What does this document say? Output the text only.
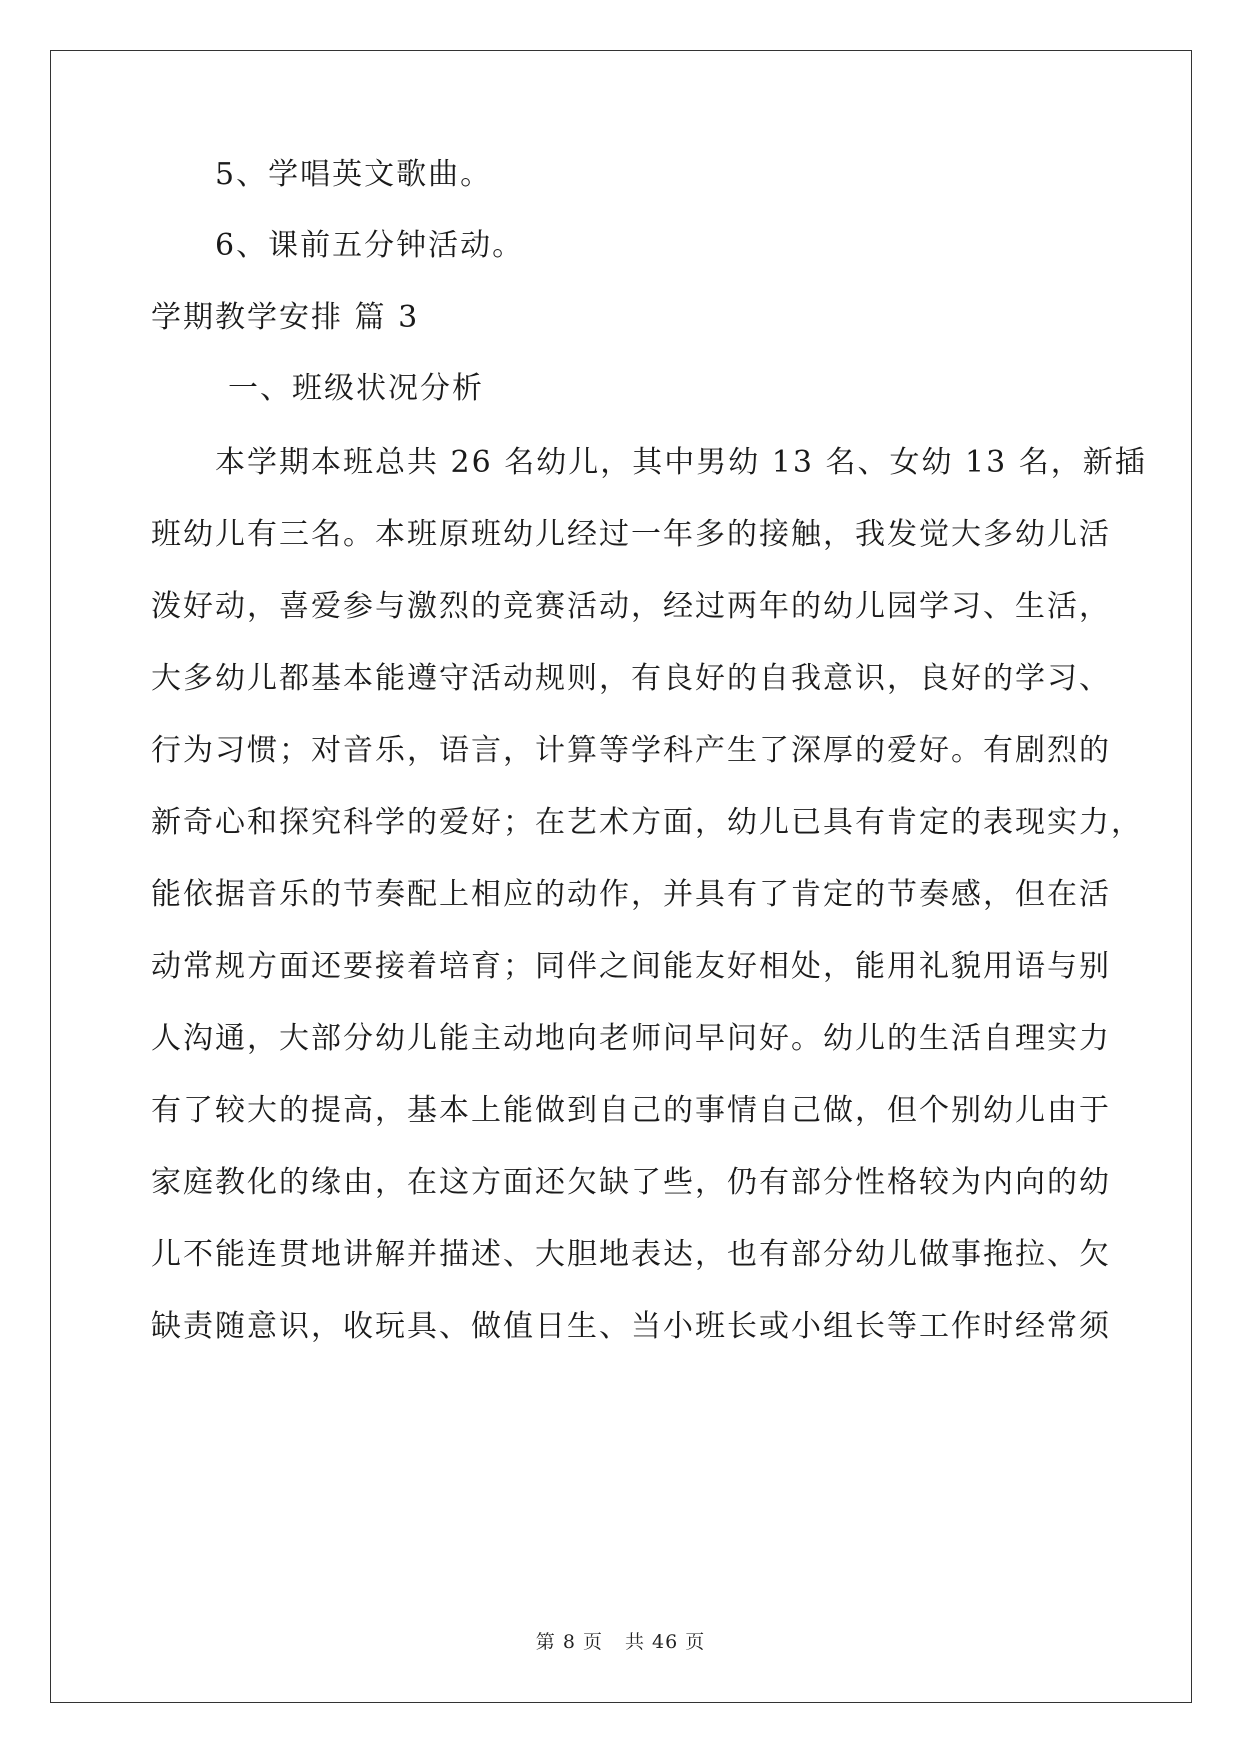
5、学唱英文歌曲。
6、课前五分钟活动。
学期教学安排 篇 3
一、班级状况分析
本学期本班总共 26 名幼儿，其中男幼 13 名、女幼 13 名，新插
班幼儿有三名。本班原班幼儿经过一年多的接触，我发觉大多幼儿活
泼好动，喜爱参与激烈的竞赛活动，经过两年的幼儿园学习、生活，
大多幼儿都基本能遵守活动规则，有良好的自我意识，良好的学习、
行为习惯；对音乐，语言，计算等学科产生了深厚的爱好。有剧烈的
新奇心和探究科学的爱好；在艺术方面，幼儿已具有肯定的表现实力，
能依据音乐的节奏配上相应的动作，并具有了肯定的节奏感，但在活
动常规方面还要接着培育；同伴之间能友好相处，能用礼貌用语与别
人沟通，大部分幼儿能主动地向老师问早问好。幼儿的生活自理实力
有了较大的提高，基本上能做到自己的事情自己做，但个别幼儿由于
家庭教化的缘由，在这方面还欠缺了些，仍有部分性格较为内向的幼
儿不能连贯地讲解并描述、大胆地表达，也有部分幼儿做事拖拉、欠
缺责随意识，收玩具、做值日生、当小班长或小组长等工作时经常须
第 8 页 共 46 页
